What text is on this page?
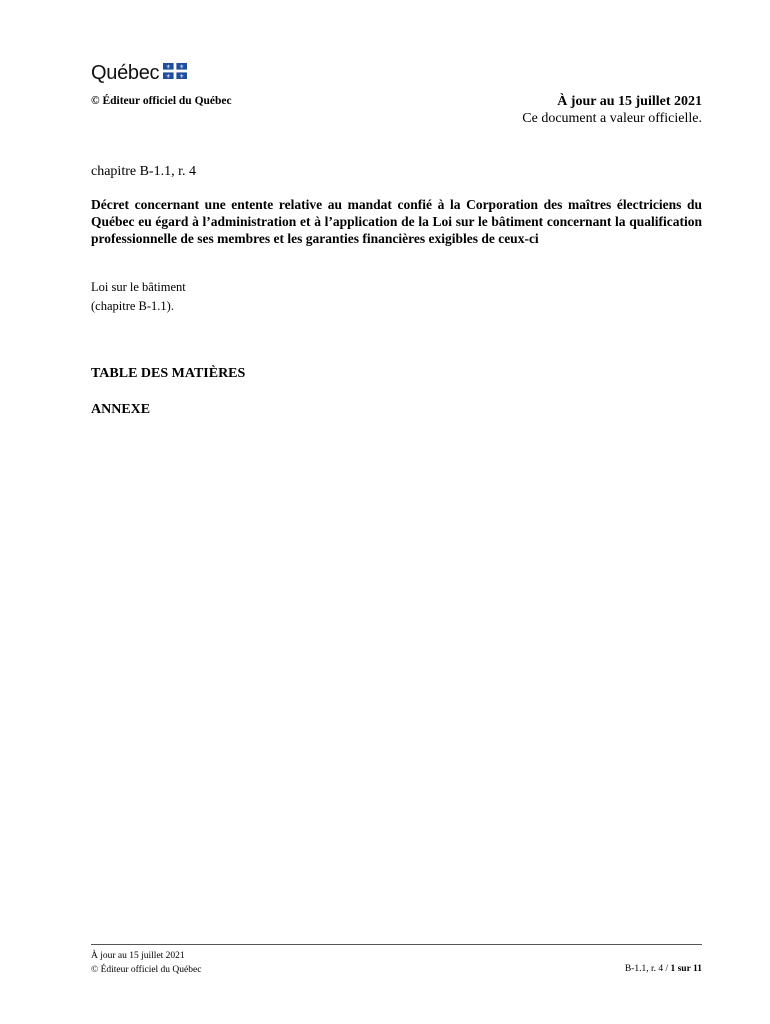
Québec ⚜ ⚜
⚜ ⚜
© Éditeur officiel du Québec	À jour au 15 juillet 2021
Ce document a valeur officielle.
chapitre B-1.1, r. 4
Décret concernant une entente relative au mandat confié à la Corporation des maîtres électriciens du Québec eu égard à l’administration et à l’application de la Loi sur le bâtiment concernant la qualification professionnelle de ses membres et les garanties financières exigibles de ceux-ci
Loi sur le bâtiment
(chapitre B-1.1).
TABLE DES MATIÈRES
ANNEXE
À jour au 15 juillet 2021
© Éditeur officiel du Québec	B-1.1, r. 4 / 1 sur 11
